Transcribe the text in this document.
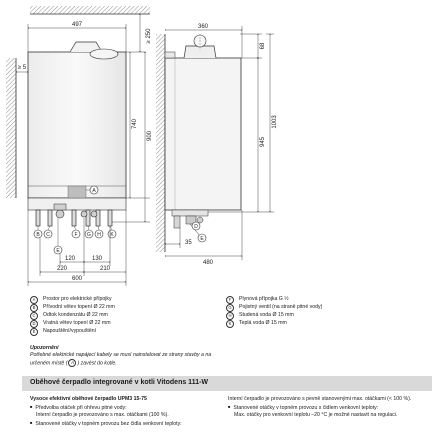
B C
E
F G H K
A
497
≥ 250
≥ 5
740
900
120	130
220	210
600
D
E
360
68
945
1003
35
480
A	Prostor pro elektrické přípojky
B	Přívodní větev topení Ø 22 mm
C	Odtok kondenzátu Ø 22 mm
D	Vratná větev topení Ø 22 mm
E	Napouštění/vypouštění
F	Plynová přípojka G ½
G	Pojistný ventil (na straně pitné vody)
H	Studená voda Ø 15 mm
K	Teplá voda Ø 15 mm
Upozornění
Potřebné elektrické napájecí kabely se musí nainstalovat ze strany stavby a na určeném místě ( A ) zavést do kotle.
Oběhové čerpadlo integrované v kotli Vitodens 111-W
Vysoce efektivní oběhové čerpadlo UPM3 15-75
■ Předvolba otáček při ohřevu pitné vody:
Interní čerpadlo je provozováno s max. otáčkami (100 %).
■ Stanovené otáčky v topném provozu bez čidla venkovní teploty:
Interní čerpadlo je provozováno s pevně stanovenými max. otáčkami (< 100 %).
■ Stanovené otáčky v topném provozu s čidlem venkovní teploty:
Max. otáčky pro venkovní teplotu –20 °C je možné nastavit na regulaci.
